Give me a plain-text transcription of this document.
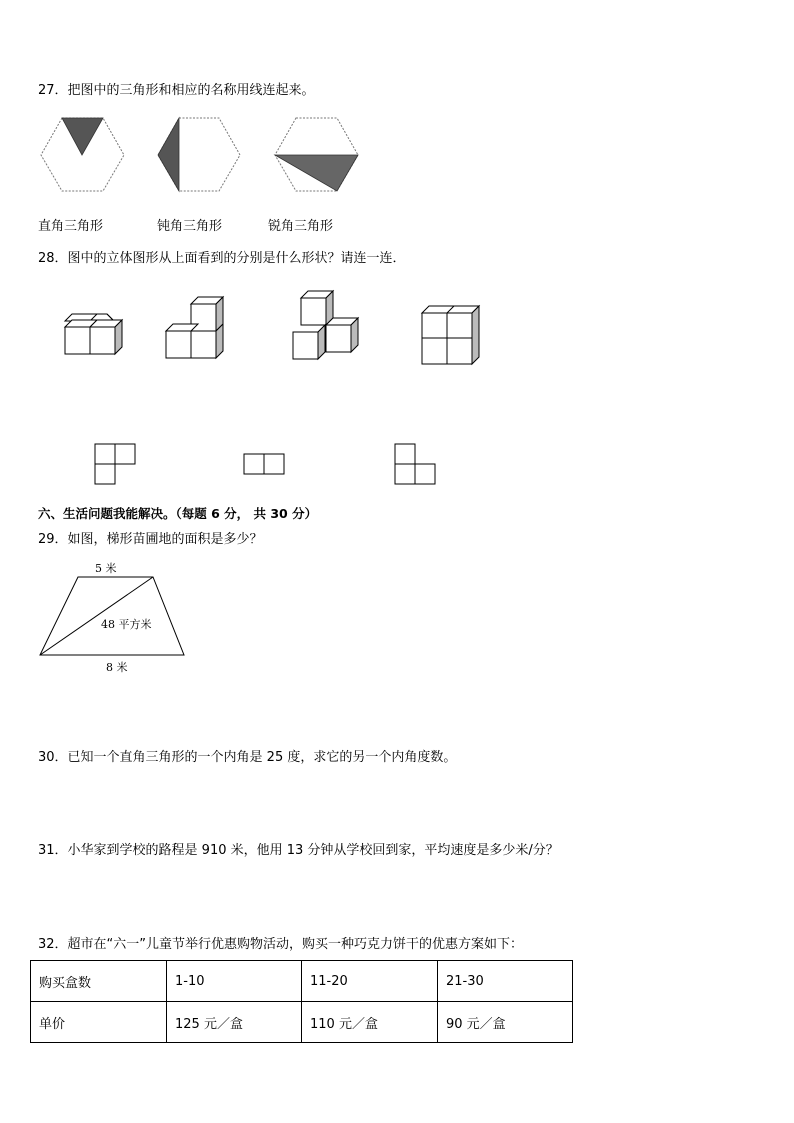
27．把图中的三角形和相应的名称用线连起来。
直角三角形	钝角三角形	锐角三角形
28．图中的立体图形从上面看到的分别是什么形状？请连一连．
六、生活问题我能解决。（每题 6 分， 共 30 分）
29．如图，梯形苗圃地的面积是多少？
5 米
48 平方米
8 米
30．已知一个直角三角形的一个内角是 25 度，求它的另一个内角度数。
31．小华家到学校的路程是 910 米，他用 13 分钟从学校回到家，平均速度是多少米/分？
32．超市在“六一”儿童节举行优惠购物活动，购买一种巧克力饼干的优惠方案如下：
购买盒数	1-10	11-20	21-30
单价	125 元／盒	110 元／盒	90 元／盒
